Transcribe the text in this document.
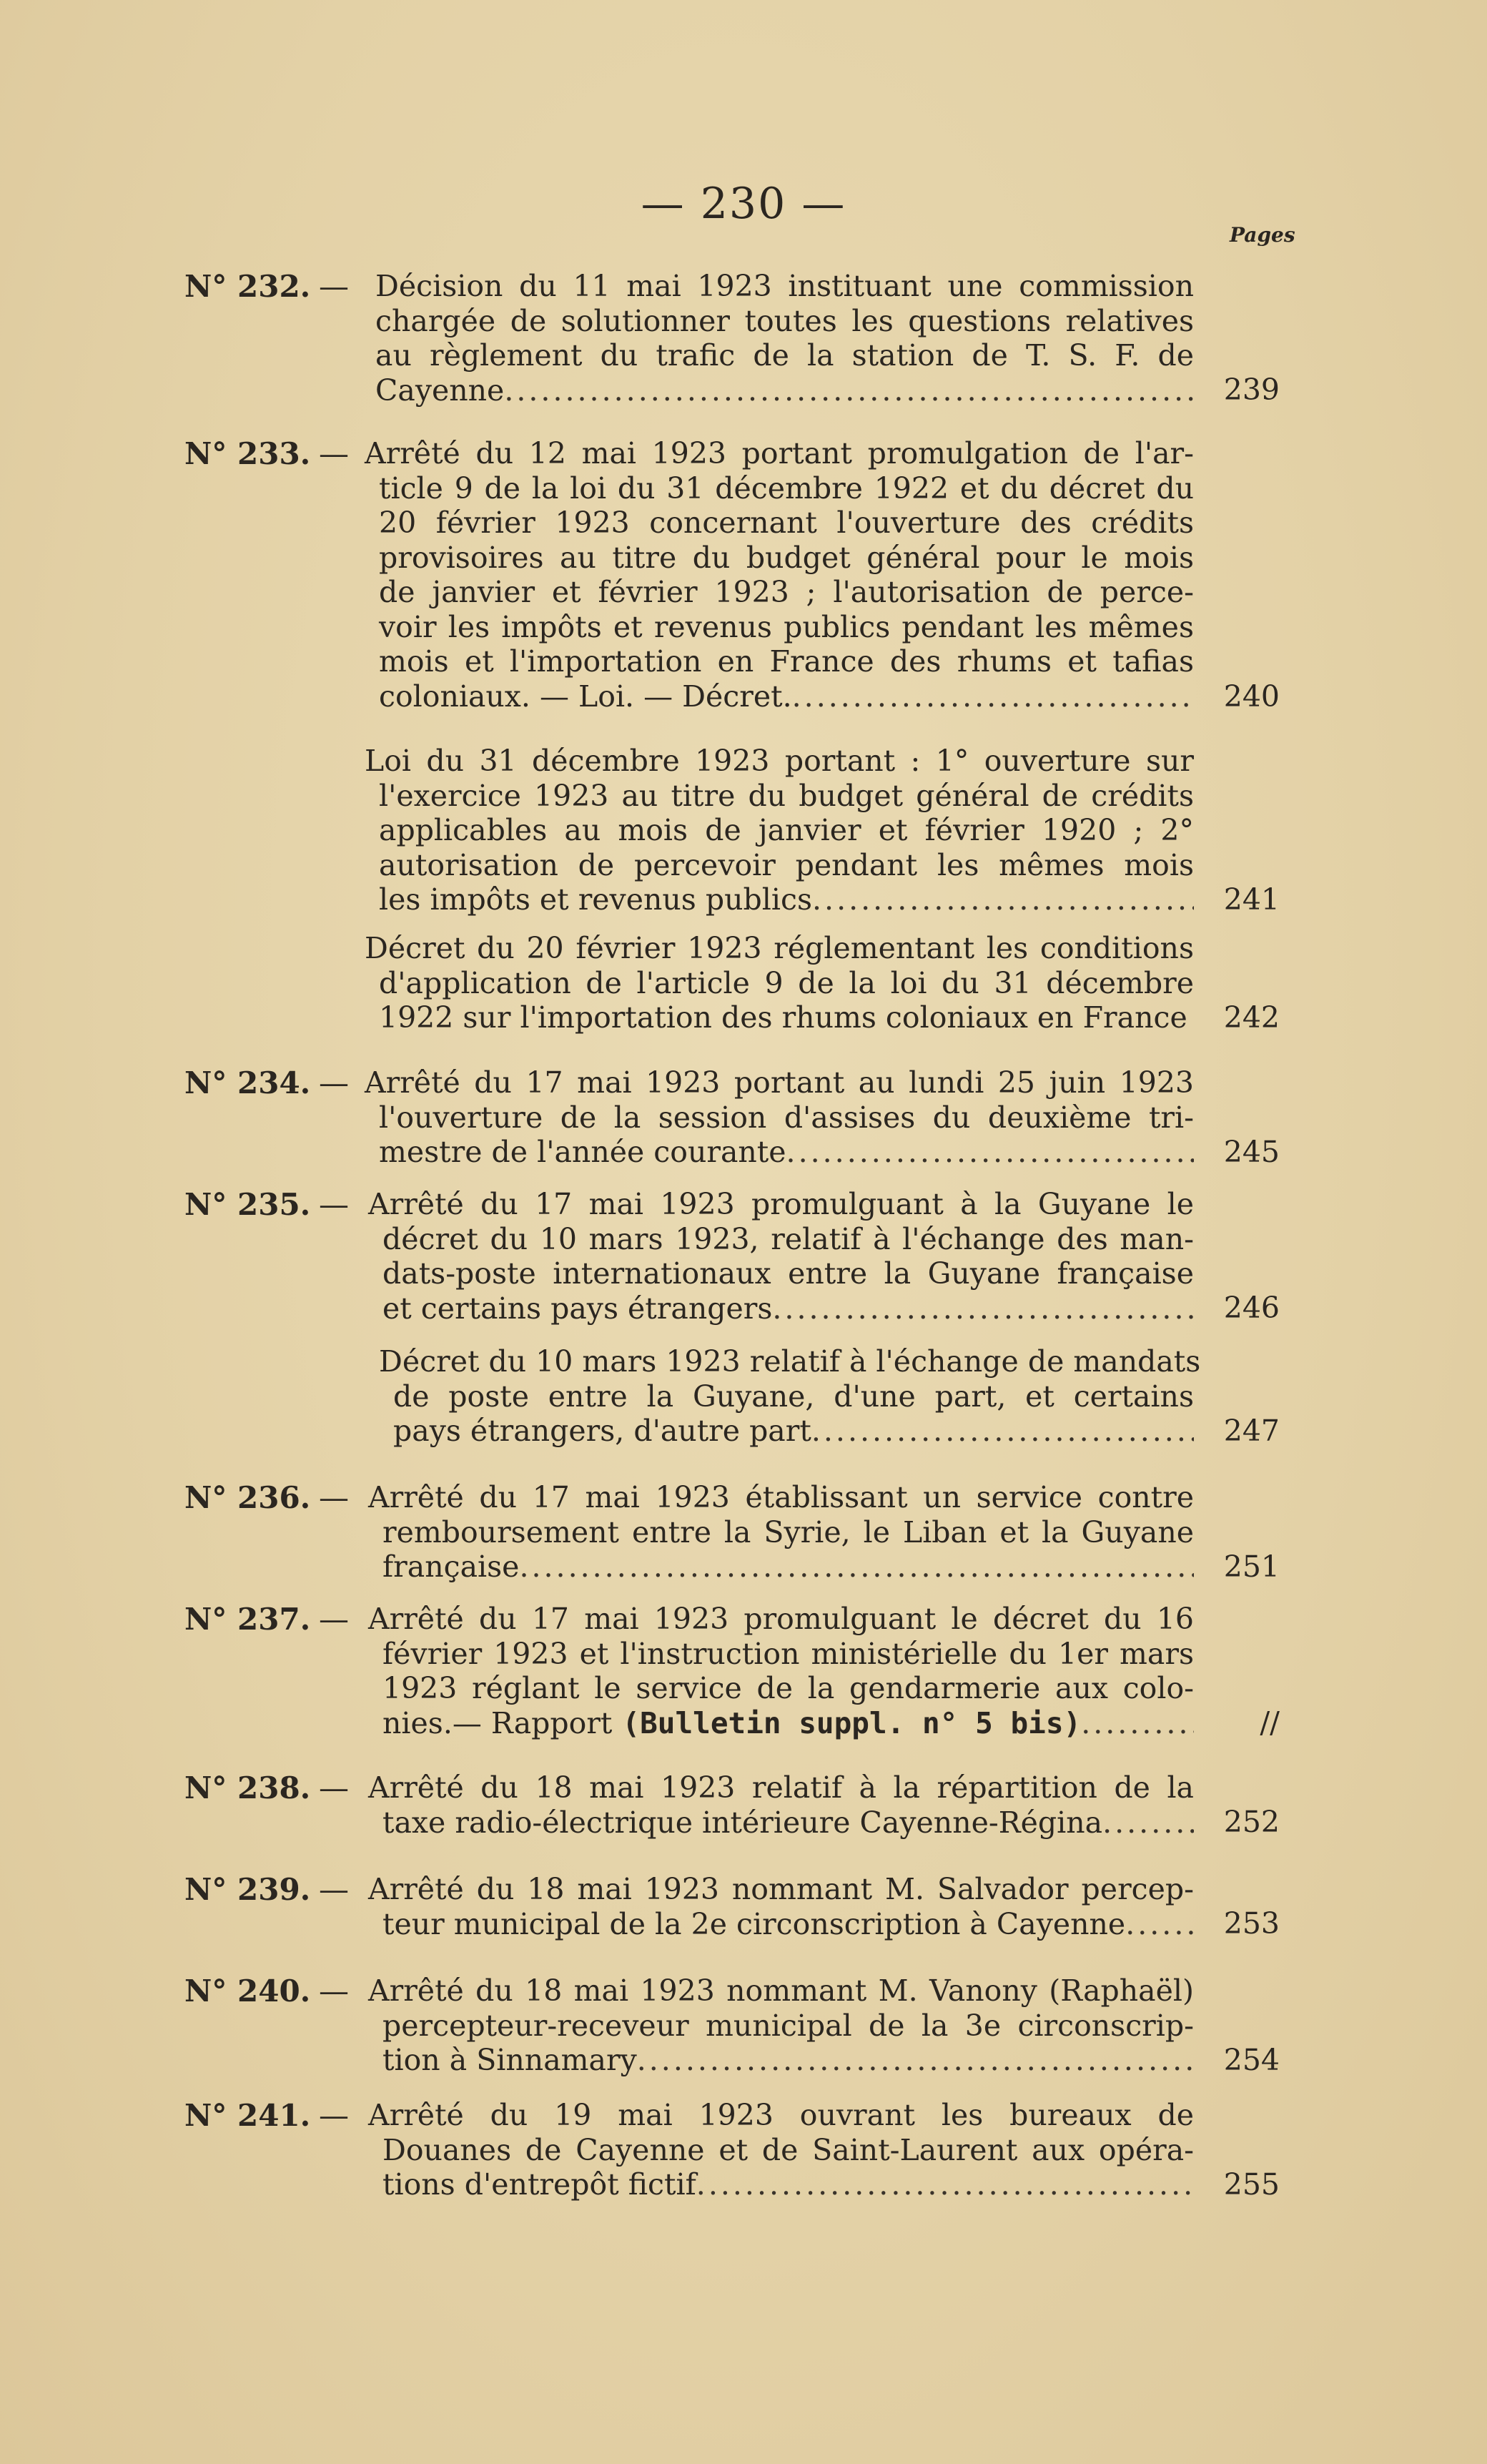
— 230 —
Pages
N° 232. — Décision du 11 mai 1923 instituant une commission
chargée de solutionner toutes les questions relatives
au règlement du trafic de la station de T. S. F. de
Cayenne .....	239
N° 233. — Arrêté du 12 mai 1923 portant promulgation de l'ar-
ticle 9 de la loi du 31 décembre 1922 et du décret du
20 février 1923 concernant l'ouverture des crédits
provisoires au titre du budget général pour le mois
de janvier et février 1923 ; l'autorisation de perce-
voir les impôts et revenus publics pendant les mêmes
mois et l'importation en France des rhums et tafias
coloniaux. — Loi. — Décret. .....	240
Loi du 31 décembre 1923 portant : 1° ouverture sur
l'exercice 1923 au titre du budget général de crédits
applicables au mois de janvier et février 1920 ; 2°
autorisation de percevoir pendant les mêmes mois
les impôts et revenus publics .....	241
Décret du 20 février 1923 réglementant les conditions
d'application de l'article 9 de la loi du 31 décembre
1922 sur l'importation des rhums coloniaux en France	242
N° 234. — Arrêté du 17 mai 1923 portant au lundi 25 juin 1923
l'ouverture de la session d'assises du deuxième tri-
mestre de l'année courante .....	245
N° 235. — Arrêté du 17 mai 1923 promulguant à la Guyane le
décret du 10 mars 1923, relatif à l'échange des man-
dats-poste internationaux entre la Guyane française
et certains pays étrangers .....	246
Décret du 10 mars 1923 relatif à l'échange de mandats
de poste entre la Guyane, d'une part, et certains
pays étrangers, d'autre part .....	247
N° 236. — Arrêté du 17 mai 1923 établissant un service contre
remboursement entre la Syrie, le Liban et la Guyane
française .....	251
N° 237. — Arrêté du 17 mai 1923 promulguant le décret du 16
février 1923 et l'instruction ministérielle du 1er mars
1923 réglant le service de la gendarmerie aux colo-
nies.— Rapport (Bulletin suppl. n° 5 bis) .....	//
N° 238. — Arrêté du 18 mai 1923 relatif à la répartition de la
taxe radio-électrique intérieure Cayenne-Régina .....	252
N° 239. — Arrêté du 18 mai 1923 nommant M. Salvador percep-
teur municipal de la 2e circonscription à Cayenne .....	253
N° 240. — Arrêté du 18 mai 1923 nommant M. Vanony (Raphaël)
percepteur-receveur municipal de la 3e circonscrip-
tion à Sinnamary .....	254
N° 241. — Arrêté du 19 mai 1923 ouvrant les bureaux de
Douanes de Cayenne et de Saint-Laurent aux opéra-
tions d'entrepôt fictif .....	255
